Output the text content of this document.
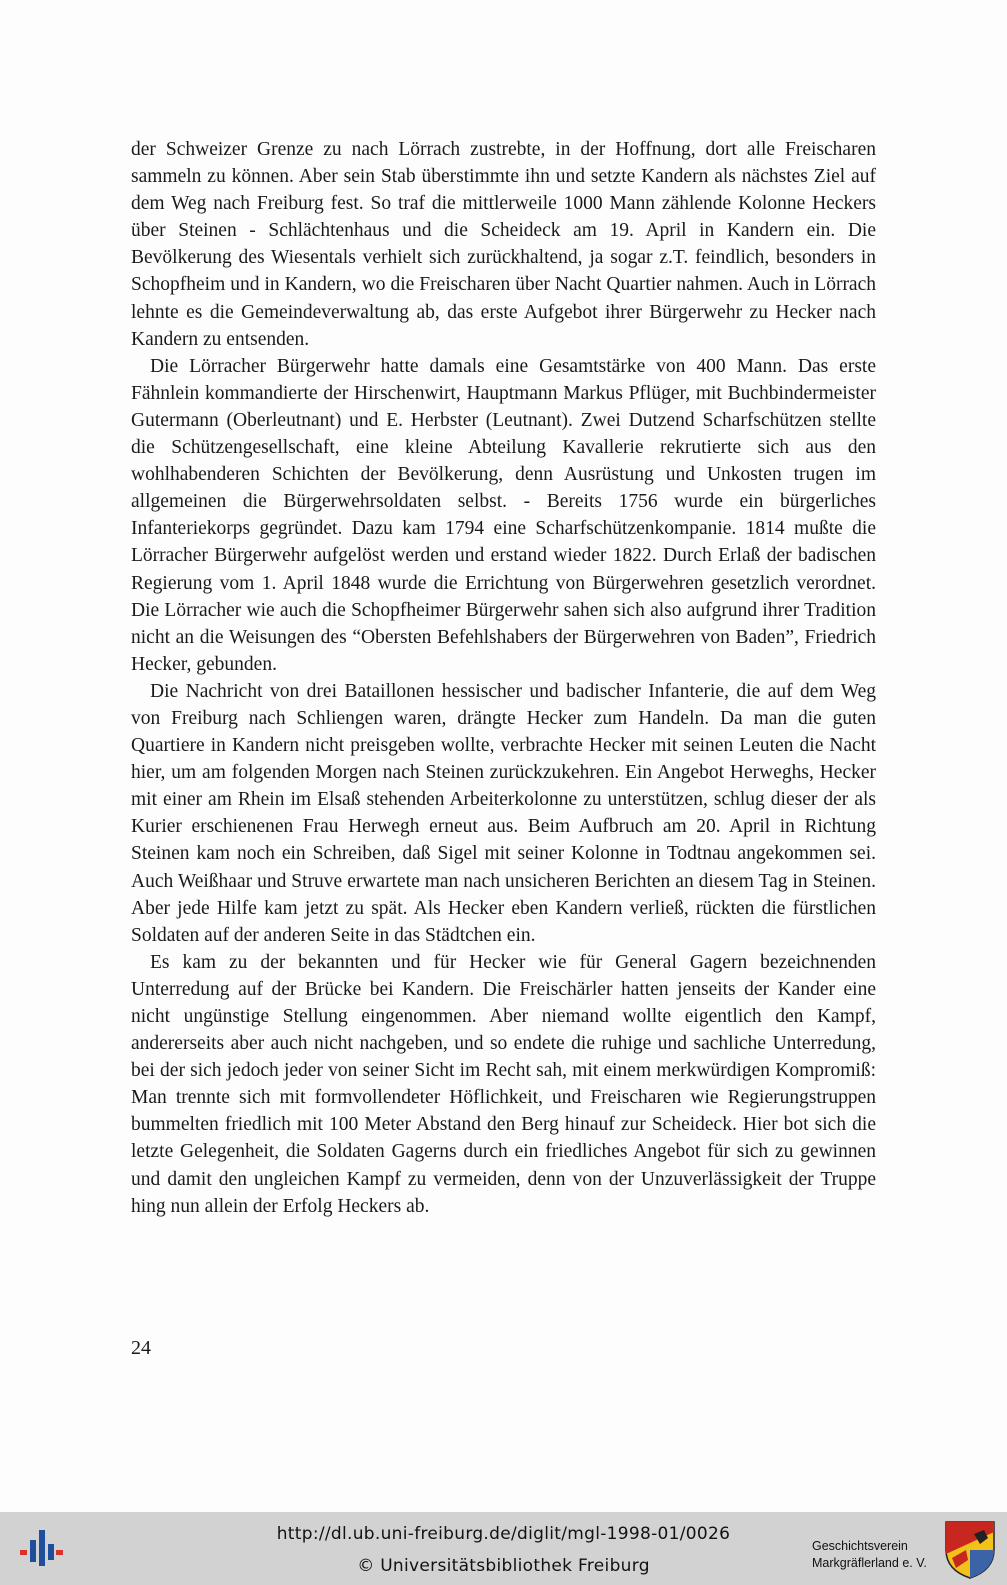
der Schweizer Grenze zu nach Lörrach zustrebte, in der Hoffnung, dort alle Freischaren sammeln zu können. Aber sein Stab überstimmte ihn und setzte Kandern als nächstes Ziel auf dem Weg nach Freiburg fest. So traf die mittlerweile 1000 Mann zählende Kolonne Heckers über Steinen - Schlächtenhaus und die Scheideck am 19. April in Kandern ein. Die Bevölkerung des Wiesentals verhielt sich zurückhaltend, ja sogar z.T. feindlich, besonders in Schopfheim und in Kandern, wo die Freischaren über Nacht Quartier nahmen. Auch in Lörrach lehnte es die Gemeindeverwaltung ab, das erste Aufgebot ihrer Bürgerwehr zu Hecker nach Kandern zu entsenden.

Die Lörracher Bürgerwehr hatte damals eine Gesamtstärke von 400 Mann. Das erste Fähnlein kommandierte der Hirschenwirt, Hauptmann Markus Pflüger, mit Buchbindermeister Gutermann (Oberleutnant) und E. Herbster (Leutnant). Zwei Dutzend Scharfschützen stellte die Schützengesellschaft, eine kleine Abteilung Kavallerie rekrutierte sich aus den wohlhabenderen Schichten der Bevölkerung, denn Ausrüstung und Unkosten trugen im allgemeinen die Bürgerwehrsoldaten selbst. - Bereits 1756 wurde ein bürgerliches Infanteriekorps gegründet. Dazu kam 1794 eine Scharfschützenkompanie. 1814 mußte die Lörracher Bürgerwehr aufgelöst werden und erstand wieder 1822. Durch Erlaß der badischen Regierung vom 1. April 1848 wurde die Errichtung von Bürgerwehren gesetzlich verordnet. Die Lörracher wie auch die Schopfheimer Bürgerwehr sahen sich also aufgrund ihrer Tradition nicht an die Weisungen des “Obersten Befehlshabers der Bürgerwehren von Baden”, Friedrich Hecker, gebunden.

Die Nachricht von drei Bataillonen hessischer und badischer Infanterie, die auf dem Weg von Freiburg nach Schliengen waren, drängte Hecker zum Handeln. Da man die guten Quartiere in Kandern nicht preisgeben wollte, verbrachte Hecker mit seinen Leuten die Nacht hier, um am folgenden Morgen nach Steinen zurückzukehren. Ein Angebot Herweghs, Hecker mit einer am Rhein im Elsaß stehenden Arbeiterkolonne zu unterstützen, schlug dieser der als Kurier erschienenen Frau Herwegh erneut aus. Beim Aufbruch am 20. April in Richtung Steinen kam noch ein Schreiben, daß Sigel mit seiner Kolonne in Todtnau angekommen sei. Auch Weißhaar und Struve erwartete man nach unsicheren Berichten an diesem Tag in Steinen. Aber jede Hilfe kam jetzt zu spät. Als Hecker eben Kandern verließ, rückten die fürstlichen Soldaten auf der anderen Seite in das Städtchen ein.

Es kam zu der bekannten und für Hecker wie für General Gagern bezeichnenden Unterredung auf der Brücke bei Kandern. Die Freischärler hatten jenseits der Kander eine nicht ungünstige Stellung eingenommen. Aber niemand wollte eigentlich den Kampf, andererseits aber auch nicht nachgeben, und so endete die ruhige und sachliche Unterredung, bei der sich jedoch jeder von seiner Sicht im Recht sah, mit einem merkwürdigen Kompromiß: Man trennte sich mit formvollendeter Höflichkeit, und Freischaren wie Regierungstruppen bummelten friedlich mit 100 Meter Abstand den Berg hinauf zur Scheideck. Hier bot sich die letzte Gelegenheit, die Soldaten Gagerns durch ein friedliches Angebot für sich zu gewinnen und damit den ungleichen Kampf zu vermeiden, denn von der Unzuverlässigkeit der Truppe hing nun allein der Erfolg Heckers ab.

24
http://dl.ub.uni-freiburg.de/diglit/mgl-1998-01/0026
© Universitätsbibliothek Freiburg
Geschichtsverein
Markgräflerland e. V.
